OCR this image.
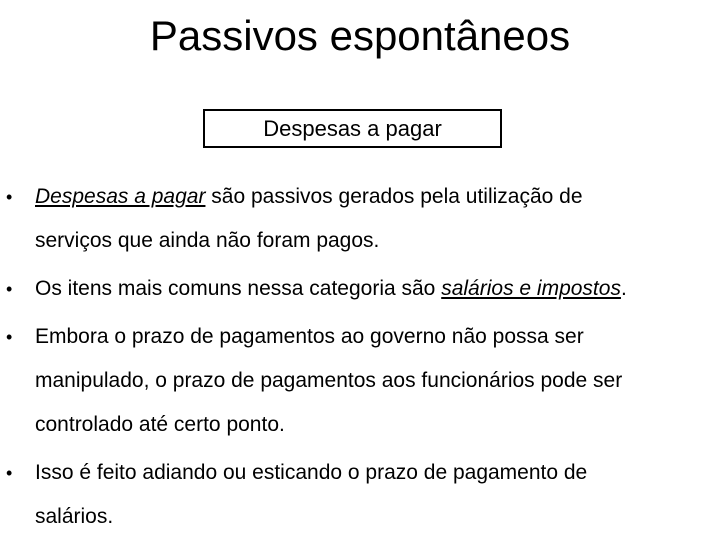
Passivos espontâneos
Despesas a pagar
• Despesas a pagar são passivos gerados pela utilização de
serviços que ainda não foram pagos.
• Os itens mais comuns nessa categoria são salários e impostos.
• Embora o prazo de pagamentos ao governo não possa ser
manipulado, o prazo de pagamentos aos funcionários pode ser
controlado até certo ponto.
• Isso é feito adiando ou esticando o prazo de pagamento de
salários.
